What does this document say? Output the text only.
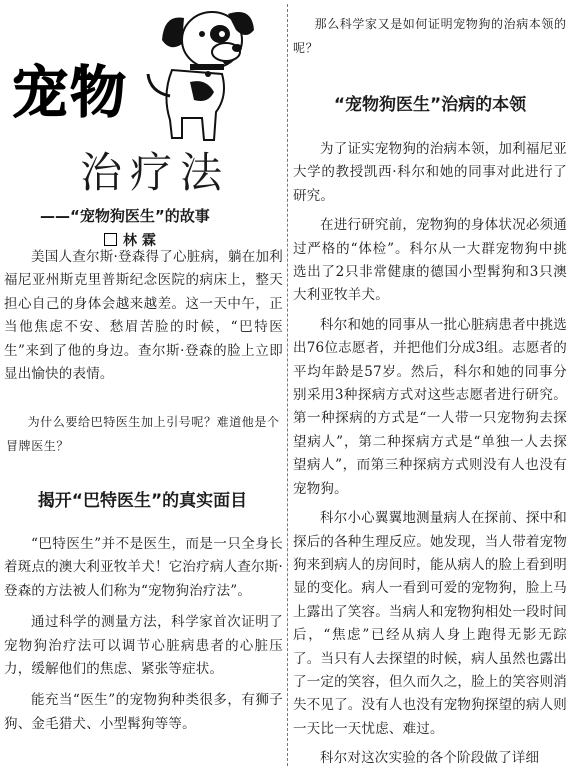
宠物
治疗法
——“宠物狗医生”的故事
林 霖

美国人查尔斯·登森得了心脏病，躺在加利福尼亚州斯克里普斯纪念医院的病床上，整天担心自己的身体会越来越差。这一天中午，正当他焦虑不安、愁眉苦脸的时候，“巴特医生”来到了他的身边。查尔斯·登森的脸上立即显出愉快的表情。

为什么要给巴特医生加上引号呢？难道他是个冒牌医生？

揭开“巴特医生”的真实面目

“巴特医生”并不是医生，而是一只全身长着斑点的澳大利亚牧羊犬！它治疗病人查尔斯·登森的方法被人们称为“宠物狗治疗法”。

通过科学的测量方法，科学家首次证明了宠物狗治疗法可以调节心脏病患者的心脏压力，缓解他们的焦虑、紧张等症状。

能充当“医生”的宠物狗种类很多，有狮子狗、金毛猎犬、小型髯狗等等。

那么科学家又是如何证明宠物狗的治病本领的呢？

“宠物狗医生”治病的本领

为了证实宠物狗的治病本领，加利福尼亚大学的教授凯西·科尔和她的同事对此进行了研究。

在进行研究前，宠物狗的身体状况必须通过严格的“体检”。科尔从一大群宠物狗中挑选出了2只非常健康的德国小型髯狗和3只澳大利亚牧羊犬。

科尔和她的同事从一批心脏病患者中挑选出76位志愿者，并把他们分成3组。志愿者的平均年龄是57岁。然后，科尔和她的同事分别采用3种探病方式对这些志愿者进行研究。第一种探病的方式是“一人带一只宠物狗去探望病人”，第二种探病方式是“单独一人去探望病人”，而第三种探病方式则没有人也没有宠物狗。

科尔小心翼翼地测量病人在探前、探中和探后的各种生理反应。她发现，当人带着宠物狗来到病人的房间时，能从病人的脸上看到明显的变化。病人一看到可爱的宠物狗，脸上马上露出了笑容。当病人和宠物狗相处一段时间后，“焦虑”已经从病人身上跑得无影无踪了。当只有人去探望的时候，病人虽然也露出了一定的笑容，但久而久之，脸上的笑容则消失不见了。没有人也没有宠物狗探望的病人则一天比一天忧虑、难过。

科尔对这次实验的各个阶段做了详细
